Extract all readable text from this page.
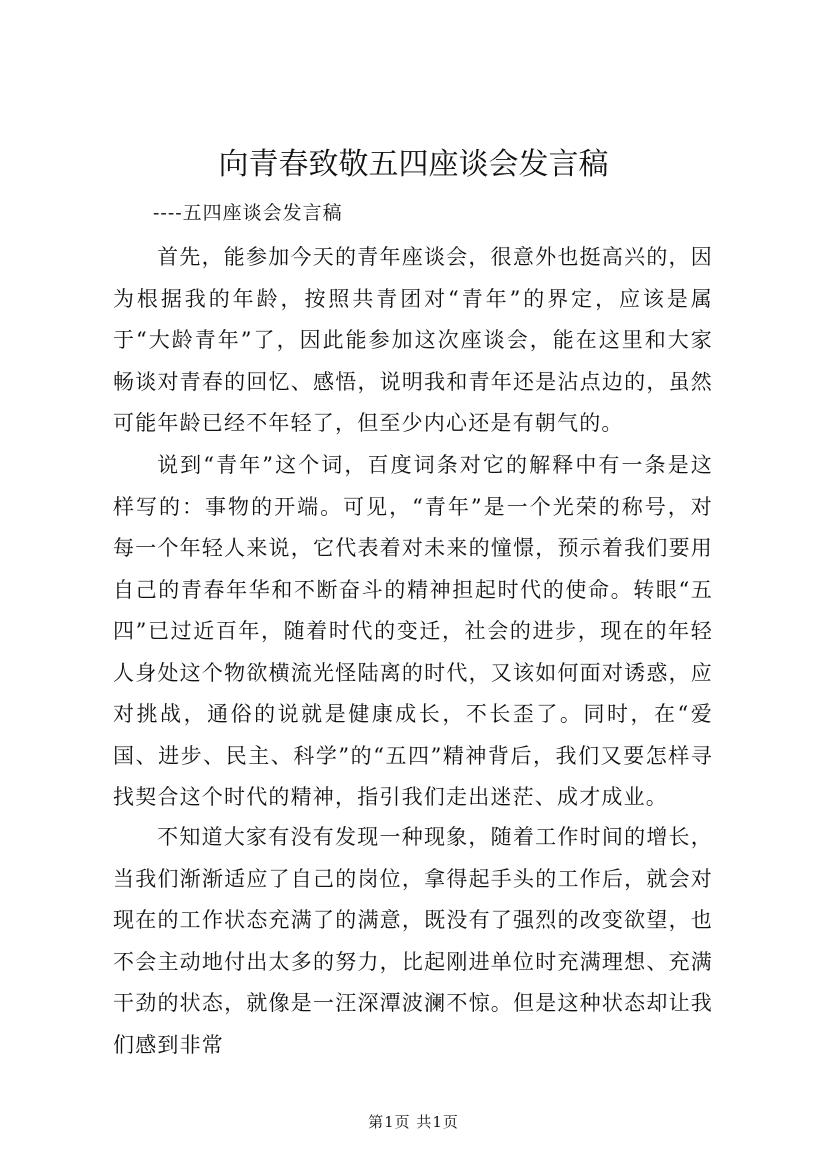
向青春致敬五四座谈会发言稿

----五四座谈会发言稿

首先，能参加今天的青年座谈会，很意外也挺高兴的，因为根据我的年龄，按照共青团对“青年”的界定，应该是属于“大龄青年”了，因此能参加这次座谈会，能在这里和大家畅谈对青春的回忆、感悟，说明我和青年还是沾点边的，虽然可能年龄已经不年轻了，但至少内心还是有朝气的。

说到“青年”这个词，百度词条对它的解释中有一条是这样写的：事物的开端。可见，“青年”是一个光荣的称号，对每一个年轻人来说，它代表着对未来的憧憬，预示着我们要用自己的青春年华和不断奋斗的精神担起时代的使命。转眼“五四”已过近百年，随着时代的变迁，社会的进步，现在的年轻人身处这个物欲横流光怪陆离的时代，又该如何面对诱惑，应对挑战，通俗的说就是健康成长，不长歪了。同时，在“爱国、进步、民主、科学”的“五四”精神背后，我们又要怎样寻找契合这个时代的精神，指引我们走出迷茫、成才成业。

不知道大家有没有发现一种现象，随着工作时间的增长，当我们渐渐适应了自己的岗位，拿得起手头的工作后，就会对现在的工作状态充满了的满意，既没有了强烈的改变欲望，也不会主动地付出太多的努力，比起刚进单位时充满理想、充满干劲的状态，就像是一汪深潭波澜不惊。但是这种状态却让我们感到非常

第1页 共1页
